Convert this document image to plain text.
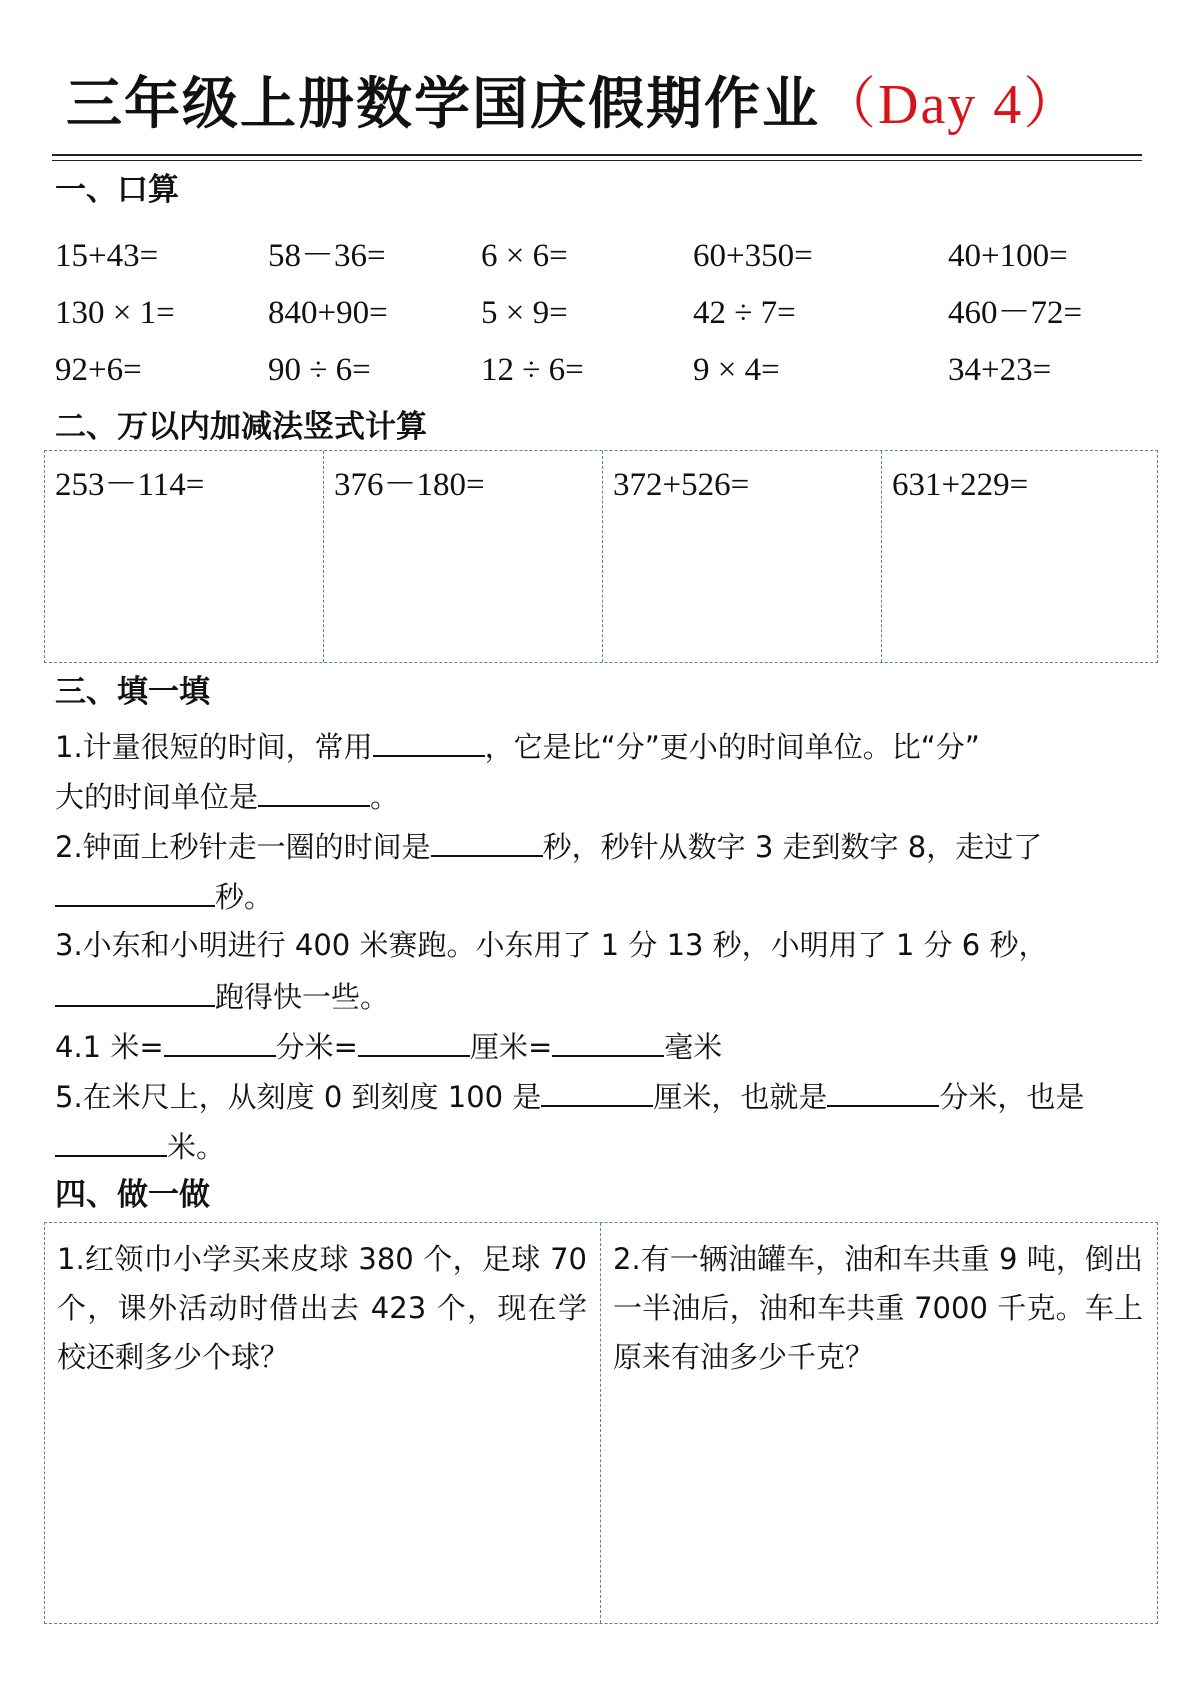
三年级上册数学国庆假期作业（Day 4）
一、口算
15+43=	58－36=	6 × 6=	60+350=	40+100=
130 × 1=	840+90=	5 × 9=	42 ÷ 7=	460－72=
92+6=	90 ÷ 6=	12 ÷ 6=	9 × 4=	34+23=
二、万以内加减法竖式计算
253－114=	376－180=	372+526=	631+229=
三、填一填
1.计量很短的时间，常用	，它是比“分”更小的时间单位。比“分”
大的时间单位是	。
2.钟面上秒针走一圈的时间是	秒，秒针从数字 3 走到数字 8，走过了
秒。
3.小东和小明进行 400 米赛跑。小东用了 1 分 13 秒，小明用了 1 分 6 秒，
跑得快一些。
4.1 米=	分米=	厘米=	毫米
5.在米尺上，从刻度 0 到刻度 100 是	厘米，也就是	分米，也是
米。
四、做一做
1.红领巾小学买来皮球 380 个，足球 70 个，课外活动时借出去 423 个，现在学校还剩多少个球？
2.有一辆油罐车，油和车共重 9 吨，倒出一半油后，油和车共重 7000 千克。车上原来有油多少千克？
